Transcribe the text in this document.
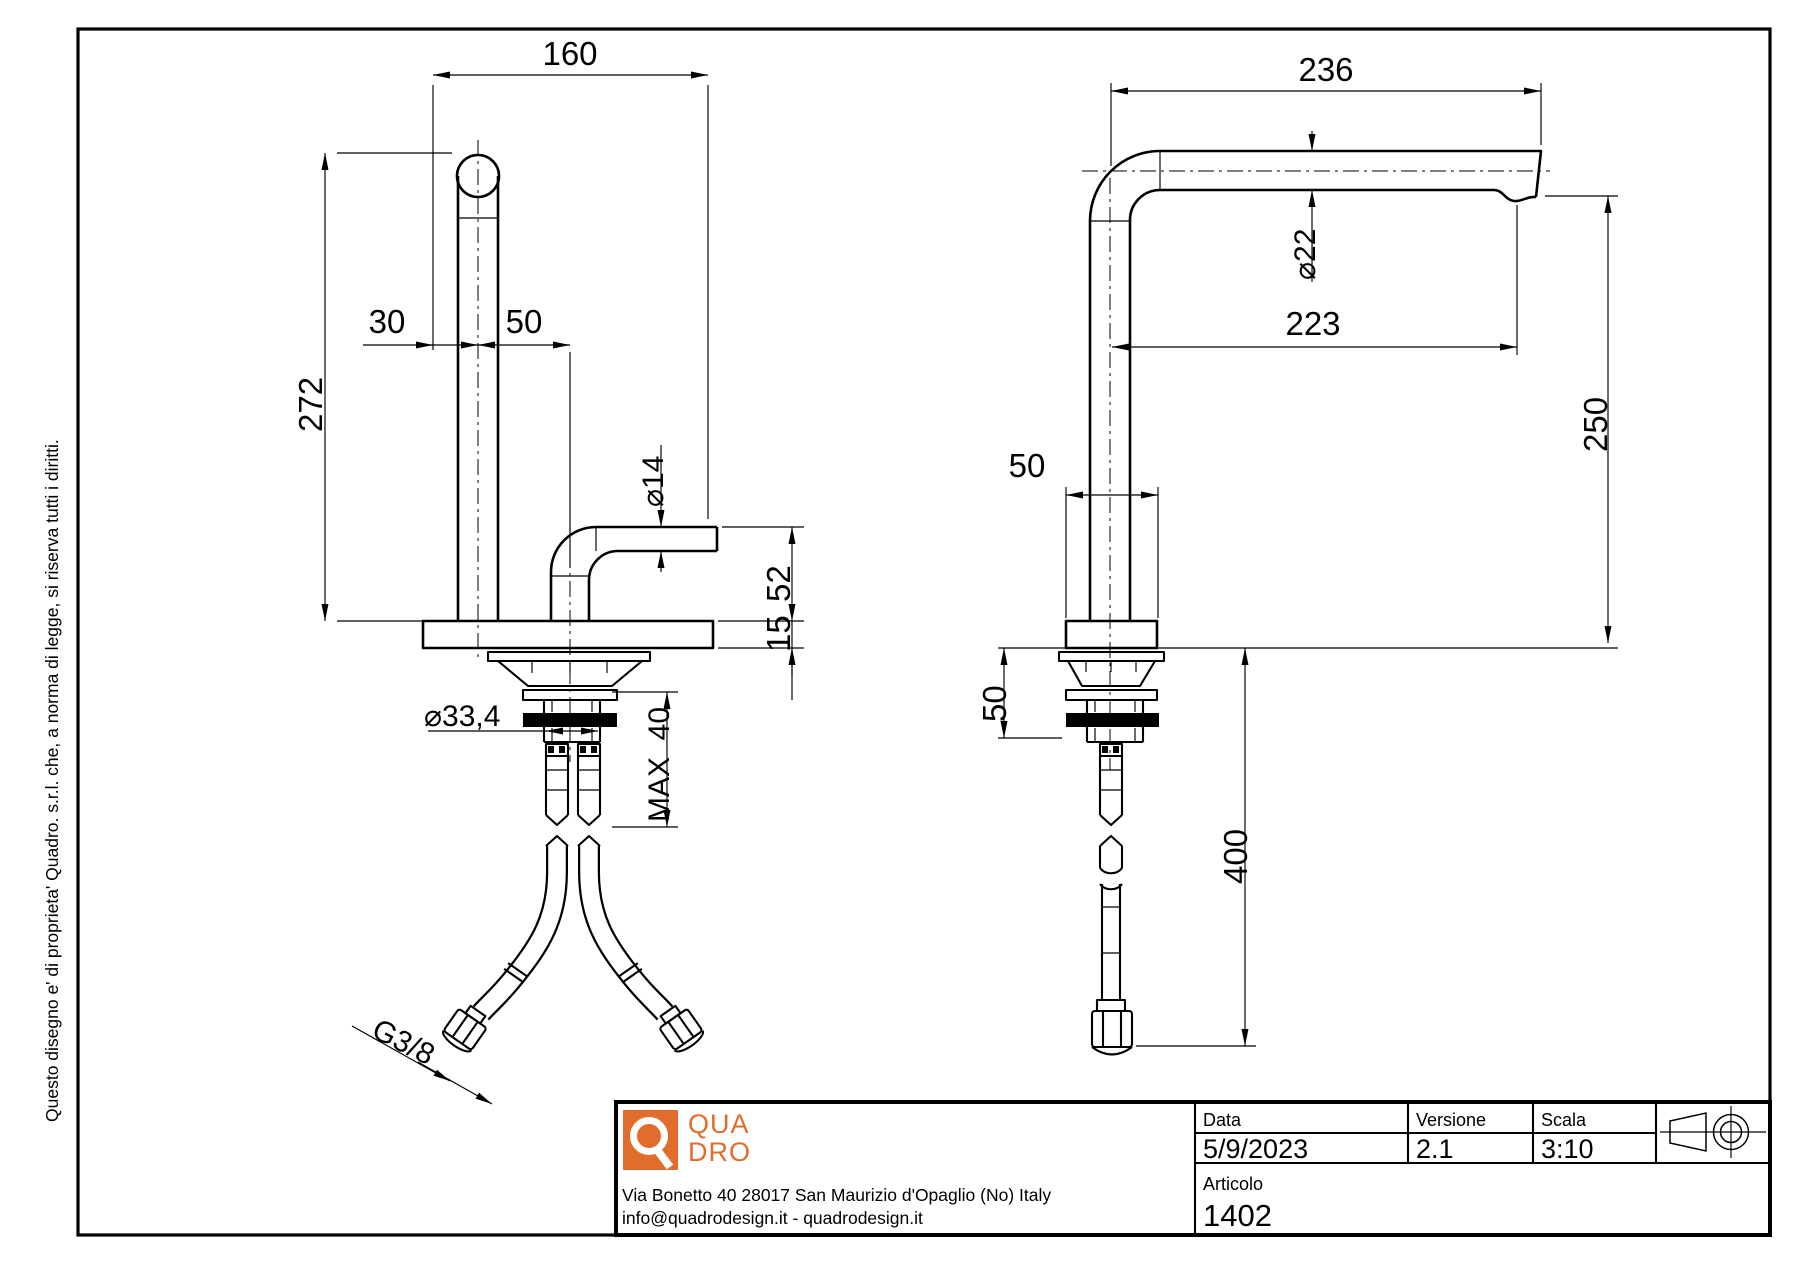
Questo disegno e' di proprieta' Quadro. s.r.l. che, a norma di legge, si riserva tutti i diritti.	G3/8
160
272
30	50
⌀14
52
15
MAX  40
⌀33,4
236
⌀22
223
250
50
50
400
QUA
DRO
Via Bonetto 40 28017 San Maurizio d'Opaglio (No) Italy
info@quadrodesign.it - quadrodesign.it
Data
5/9/2023
Versione
2.1
Scala
3:10
Articolo
1402
